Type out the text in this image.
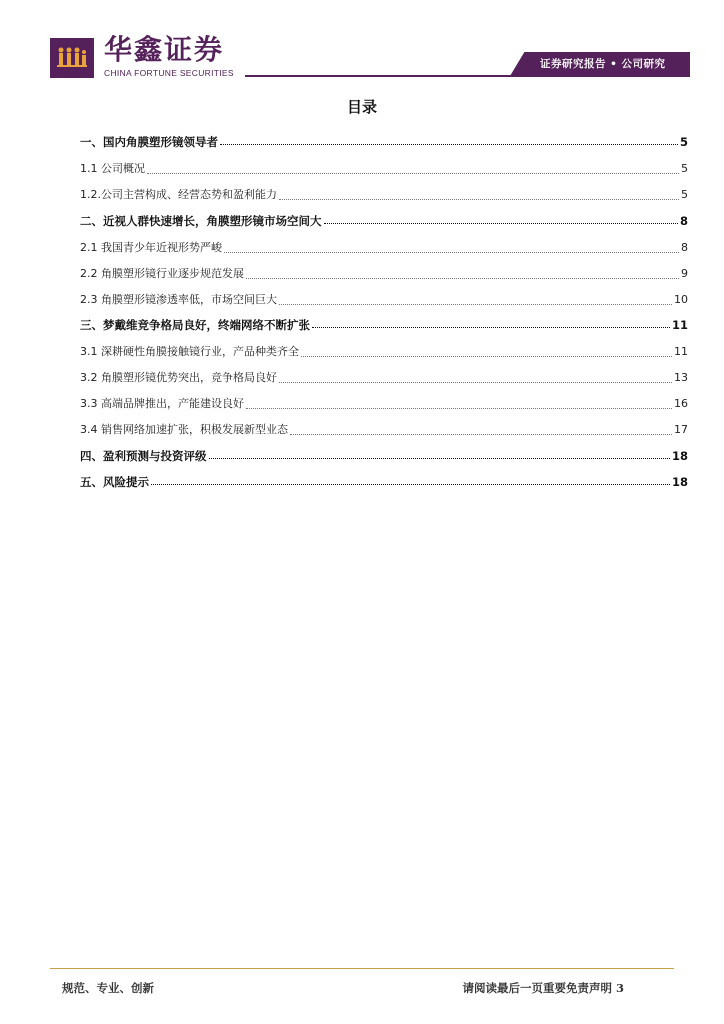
华鑫证券
CHINA FORTUNE SECURITIES
证券研究报告 • 公司研究
目录
一、国内角膜塑形镜领导者	5
1.1 公司概况	5
1.2.公司主营构成、经营态势和盈利能力	5
二、近视人群快速增长，角膜塑形镜市场空间大	8
2.1 我国青少年近视形势严峻	8
2.2 角膜塑形镜行业逐步规范发展	9
2.3 角膜塑形镜渗透率低，市场空间巨大	10
三、梦戴维竞争格局良好，终端网络不断扩张	11
3.1 深耕硬性角膜接触镜行业，产品种类齐全	11
3.2 角膜塑形镜优势突出，竞争格局良好	13
3.3 高端品牌推出，产能建设良好	16
3.4 销售网络加速扩张，积极发展新型业态	17
四、盈利预测与投资评级	18
五、风险提示	18
规范、专业、创新	请阅读最后一页重要免责声明 3
